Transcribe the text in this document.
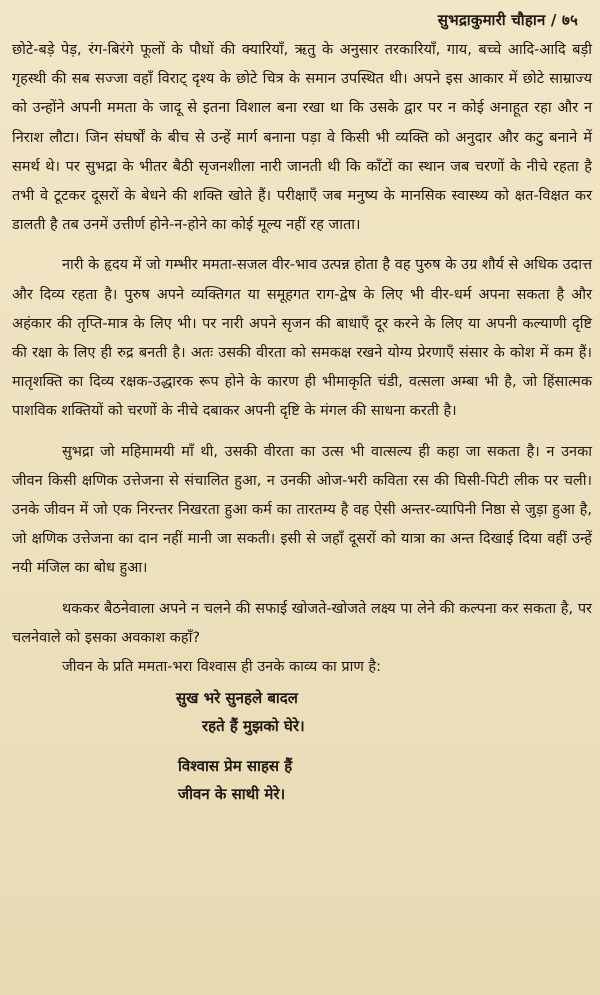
सुभद्राकुमारी चौहान / ७५

छोटे-बड़े पेड़, रंग-बिरंगे फूलों के पौधों की क्यारियाँ, ऋतु के अनुसार तरकारियाँ, गाय, बच्चे आदि-आदि बड़ी गृहस्थी की सब सज्जा वहाँ विराट् दृश्य के छोटे चित्र के समान उपस्थित थी। अपने इस आकार में छोटे साम्राज्य को उन्होंने अपनी ममता के जादू से इतना विशाल बना रखा था कि उसके द्वार पर न कोई अनाहूत रहा और न निराश लौटा। जिन संघर्षों के बीच से उन्हें मार्ग बनाना पड़ा वे किसी भी व्यक्ति को अनुदार और कटु बनाने में समर्थ थे। पर सुभद्रा के भीतर बैठी सृजनशीला नारी जानती थी कि काँटों का स्थान जब चरणों के नीचे रहता है तभी वे टूटकर दूसरों के बेधने की शक्ति खोते हैं। परीक्षाएँ जब मनुष्य के मानसिक स्वास्थ्य को क्षत-विक्षत कर डालती है तब उनमें उत्तीर्ण होने-न-होने का कोई मूल्य नहीं रह जाता।

नारी के हृदय में जो गम्भीर ममता-सजल वीर-भाव उत्पन्न होता है वह पुरुष के उग्र शौर्य से अधिक उदात्त और दिव्य रहता है। पुरुष अपने व्यक्तिगत या समूहगत राग-द्वेष के लिए भी वीर-धर्म अपना सकता है और अहंकार की तृप्ति-मात्र के लिए भी। पर नारी अपने सृजन की बाधाएँ दूर करने के लिए या अपनी कल्याणी दृष्टि की रक्षा के लिए ही रुद्र बनती है। अतः उसकी वीरता को समकक्ष रखने योग्य प्रेरणाएँ संसार के कोश में कम हैं। मातृशक्ति का दिव्य रक्षक-उद्धारक रूप होने के कारण ही भीमाकृति चंडी, वत्सला अम्बा भी है, जो हिंसात्मक पाशविक शक्तियों को चरणों के नीचे दबाकर अपनी दृष्टि के मंगल की साधना करती है।

सुभद्रा जो महिमामयी माँ थी, उसकी वीरता का उत्स भी वात्सल्य ही कहा जा सकता है। न उनका जीवन किसी क्षणिक उत्तेजना से संचालित हुआ, न उनकी ओज-भरी कविता रस की घिसी-पिटी लीक पर चली। उनके जीवन में जो एक निरन्तर निखरता हुआ कर्म का तारतम्य है वह ऐसी अन्तर-व्यापिनी निष्ठा से जुड़ा हुआ है, जो क्षणिक उत्तेजना का दान नहीं मानी जा सकती। इसी से जहाँ दूसरों को यात्रा का अन्त दिखाई दिया वहीं उन्हें नयी मंजिल का बोध हुआ।

थककर बैठनेवाला अपने न चलने की सफाई खोजते-खोजते लक्ष्य पा लेने की कल्पना कर सकता है, पर चलनेवाले को इसका अवकाश कहाँ?

जीवन के प्रति ममता-भरा विश्वास ही उनके काव्य का प्राण है:

सुख भरे सुनहले बादल
रहते हैं मुझको घेरे।
विश्वास प्रेम साहस हैं
जीवन के साथी मेरे।
